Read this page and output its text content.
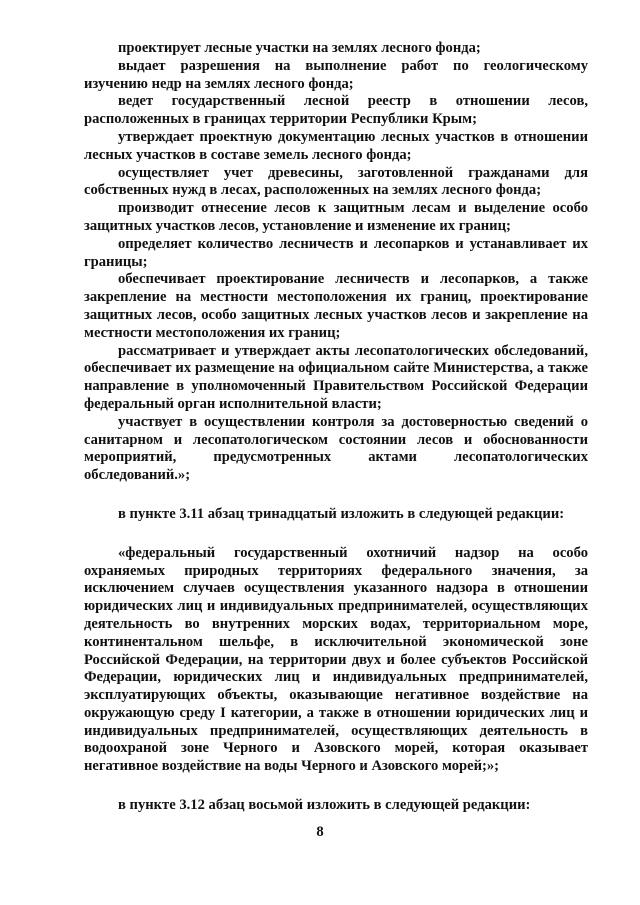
проектирует лесные участки на землях лесного фонда;

выдает разрешения на выполнение работ по геологическому изучению недр на землях лесного фонда;

ведет государственный лесной реестр в отношении лесов, расположенных в границах территории Республики Крым;

утверждает проектную документацию лесных участков в отношении лесных участков в составе земель лесного фонда;

осуществляет учет древесины, заготовленной гражданами для собственных нужд в лесах, расположенных на землях лесного фонда;

производит отнесение лесов к защитным лесам и выделение особо защитных участков лесов, установление и изменение их границ;

определяет количество лесничеств и лесопарков и устанавливает их границы;

обеспечивает проектирование лесничеств и лесопарков, а также закрепление на местности местоположения их границ, проектирование защитных лесов, особо защитных лесных участков лесов и закрепление на местности местоположения их границ;

рассматривает и утверждает акты лесопатологических обследований, обеспечивает их размещение на официальном сайте Министерства, а также направление в уполномоченный Правительством Российской Федерации федеральный орган исполнительной власти;

участвует в осуществлении контроля за достоверностью сведений о санитарном и лесопатологическом состоянии лесов и обоснованности мероприятий, предусмотренных актами лесопатологических обследований.»;

в пункте 3.11 абзац тринадцатый изложить в следующей редакции:

«федеральный государственный охотничий надзор на особо охраняемых природных территориях федерального значения, за исключением случаев осуществления указанного надзора в отношении юридических лиц и индивидуальных предпринимателей, осуществляющих деятельность во внутренних морских водах, территориальном море, континентальном шельфе, в исключительной экономической зоне Российской Федерации, на территории двух и более субъектов Российской Федерации, юридических лиц и индивидуальных предпринимателей, эксплуатирующих объекты, оказывающие негативное воздействие на окружающую среду I категории, а также в отношении юридических лиц и индивидуальных предпринимателей, осуществляющих деятельность в водоохраной зоне Черного и Азовского морей, которая оказывает негативное воздействие на воды Черного и Азовского морей;»;

в пункте 3.12 абзац восьмой изложить в следующей редакции:

8
